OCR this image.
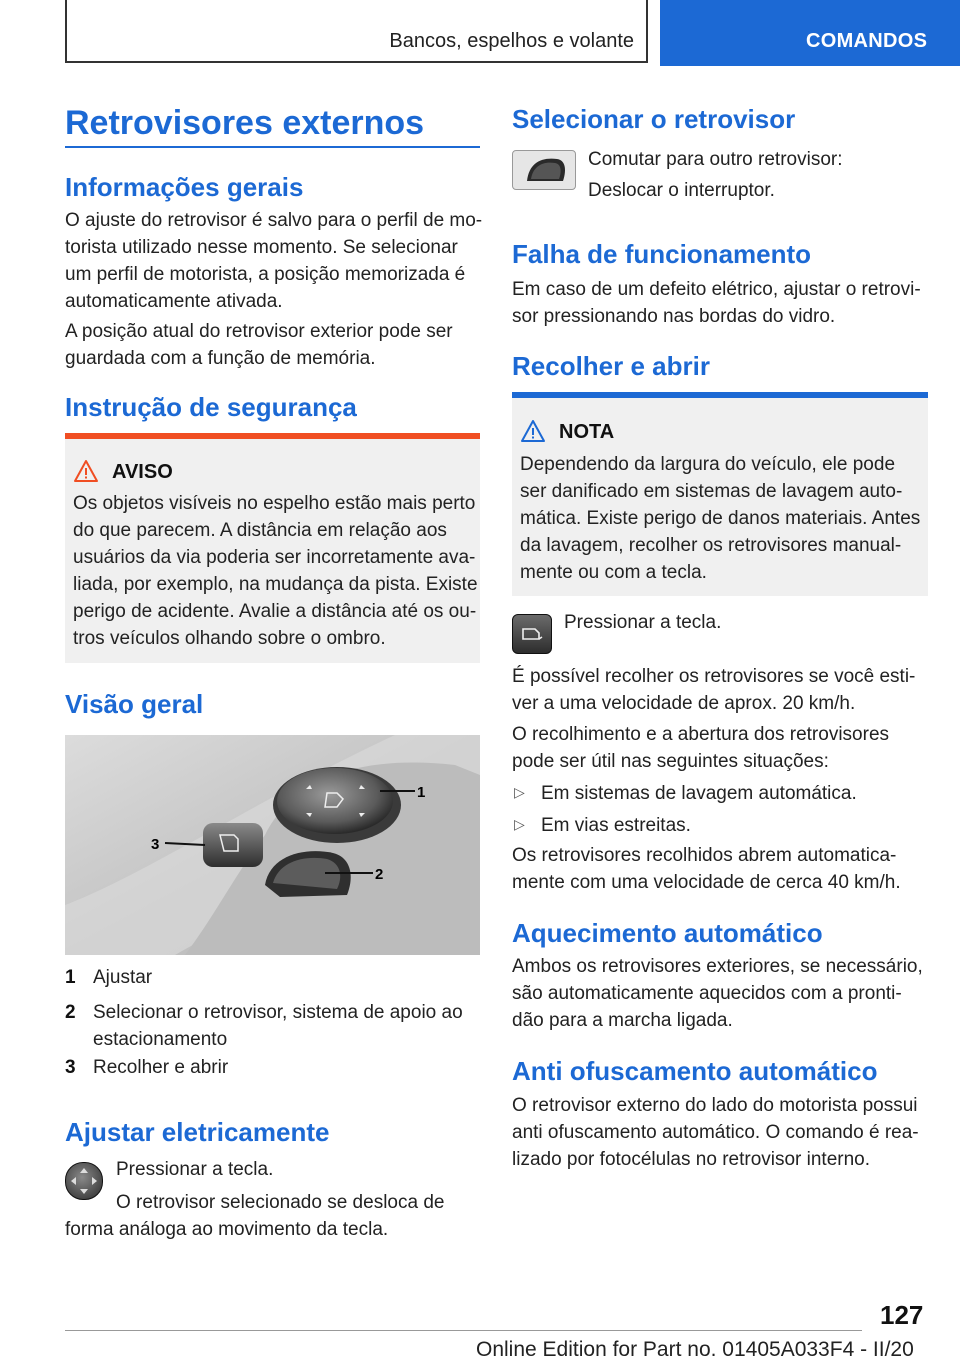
Bancos, espelhos e volante	COMANDOS
Retrovisores externos
Informações gerais
O ajuste do retrovisor é salvo para o perfil de mo-
torista utilizado nesse momento. Se selecionar
um perfil de motorista, a posição memorizada é
automaticamente ativada.
A posição atual do retrovisor exterior pode ser
guardada com a função de memória.
Instrução de segurança
AVISO
Os objetos visíveis no espelho estão mais perto
do que parecem. A distância em relação aos
usuários da via poderia ser incorretamente ava-
liada, por exemplo, na mudança da pista. Existe
perigo de acidente. Avalie a distância até os ou-
tros veículos olhando sobre o ombro.
Visão geral
1
2
3
1 Ajustar
2 Selecionar o retrovisor, sistema de apoio ao
estacionamento
3 Recolher e abrir
Ajustar eletricamente
Pressionar a tecla.
O retrovisor selecionado se desloca de
forma análoga ao movimento da tecla.
Selecionar o retrovisor
Comutar para outro retrovisor:
Deslocar o interruptor.
Falha de funcionamento
Em caso de um defeito elétrico, ajustar o retrovi-
sor pressionando nas bordas do vidro.
Recolher e abrir
NOTA
Dependendo da largura do veículo, ele pode
ser danificado em sistemas de lavagem auto-
mática. Existe perigo de danos materiais. Antes
da lavagem, recolher os retrovisores manual-
mente ou com a tecla.
Pressionar a tecla.
É possível recolher os retrovisores se você esti-
ver a uma velocidade de aprox. 20 km/h.
O recolhimento e a abertura dos retrovisores
pode ser útil nas seguintes situações:
▷ Em sistemas de lavagem automática.
▷ Em vias estreitas.
Os retrovisores recolhidos abrem automatica-
mente com uma velocidade de cerca 40 km/h.
Aquecimento automático
Ambos os retrovisores exteriores, se necessário,
são automaticamente aquecidos com a pronti-
dão para a marcha ligada.
Anti ofuscamento automático
O retrovisor externo do lado do motorista possui
anti ofuscamento automático. O comando é rea-
lizado por fotocélulas no retrovisor interno.
127
Online Edition for Part no. 01405A033F4 - II/20
